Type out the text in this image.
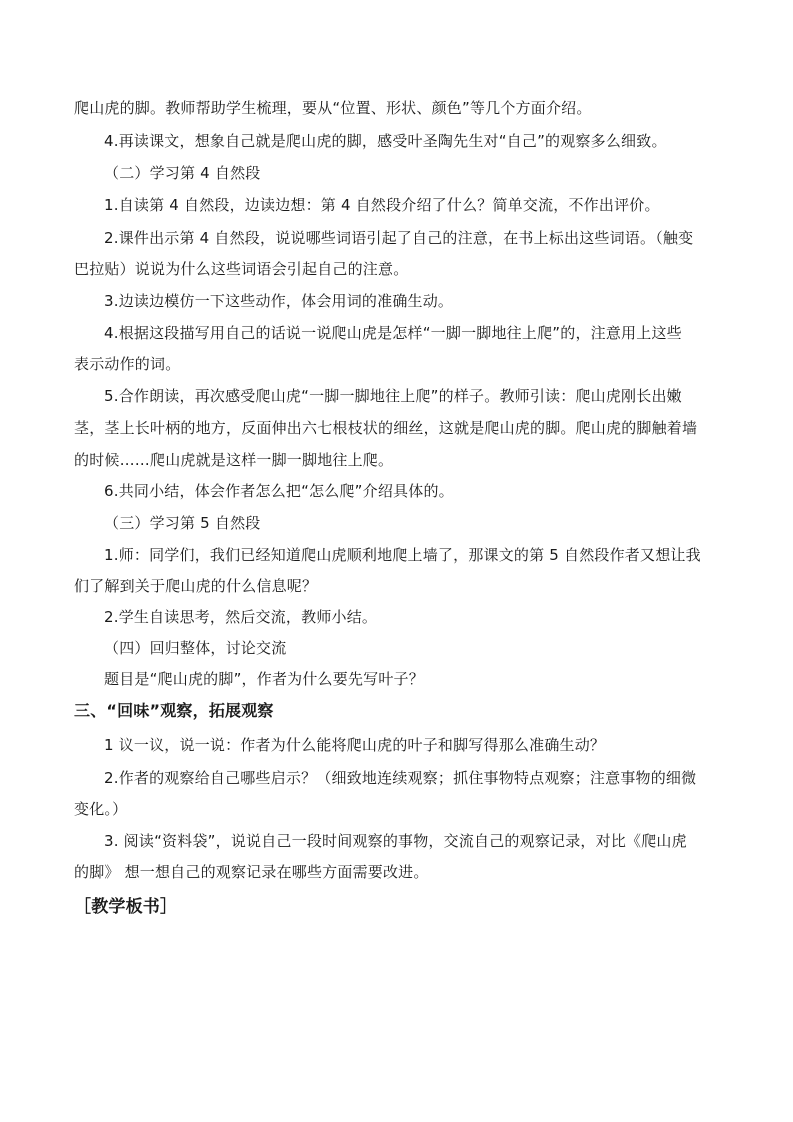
爬山虎的脚。教师帮助学生梳理，要从“位置、形状、颜色”等几个方面介绍。
4.再读课文，想象自己就是爬山虎的脚，感受叶圣陶先生对“自己”的观察多么细致。
（二）学习第 4 自然段
1.自读第 4 自然段，边读边想：第 4 自然段介绍了什么？简单交流，不作出评价。
2.课件出示第 4 自然段，说说哪些词语引起了自己的注意，在书上标出这些词语。（触变
巴拉贴）说说为什么这些词语会引起自己的注意。
3.边读边模仿一下这些动作，体会用词的准确生动。
4.根据这段描写用自己的话说一说爬山虎是怎样“一脚一脚地往上爬”的，注意用上这些
表示动作的词。
5.合作朗读，再次感受爬山虎“一脚一脚地往上爬”的样子。教师引读：爬山虎刚长出嫩
茎，茎上长叶柄的地方，反面伸出六七根枝状的细丝，这就是爬山虎的脚。爬山虎的脚触着墙
的时候……爬山虎就是这样一脚一脚地往上爬。
6.共同小结，体会作者怎么把“怎么爬”介绍具体的。
（三）学习第 5 自然段
1.师：同学们，我们已经知道爬山虎顺利地爬上墙了，那课文的第 5 自然段作者又想让我
们了解到关于爬山虎的什么信息呢？
2.学生自读思考，然后交流，教师小结。
（四）回归整体，讨论交流
题目是“爬山虎的脚”，作者为什么要先写叶子？
三、“回味”观察，拓展观察
1 议一议，说一说：作者为什么能将爬山虎的叶子和脚写得那么准确生动？
2.作者的观察给自己哪些启示？（细致地连续观察；抓住事物特点观察；注意事物的细微
变化。）
3. 阅读“资料袋”，说说自己一段时间观察的事物，交流自己的观察记录，对比《爬山虎
的脚》 想一想自己的观察记录在哪些方面需要改进。
［教学板书］
